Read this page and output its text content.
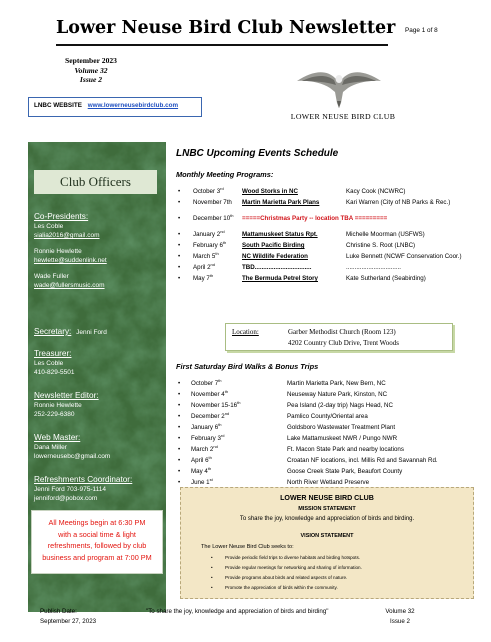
Lower Neuse Bird Club Newsletter Page 1 of 8
September 2023
Volume 32
Issue 2
LNBC WEBSITE www.lowerneusebirdclub.com
LOWER NEUSE BIRD CLUB
Club Officers
Co-Presidents:
Les Coble
sialia2016@gmail.com
Ronnie Hewlette
hewlette@suddenlink.net
Wade Fuller
wade@fullersmusic.com
Secretary: Jenni Ford
Treasurer:
Les Coble
410-829-5501
Newsletter Editor:
Ronnie Hewlette
252-229-6380
Web Master:
Dana Miller
lowerneusebc@gmail.com
Refreshments Coordinator:
Jenni Ford 703-975-1114
jenniford@pobox.com
All Meetings begin at 6:30 PM
with a social time & light
refreshments, followed by club
business and program at 7:00 PM
LNBC Upcoming Events Schedule
Monthly Meeting Programs:
• October 3rd	Wood Storks in NC	Kacy Cook (NCWRC)
• November 7th Martin Marietta Park Plans	Kari Warren (City of NB Parks & Rec.)
• December 10th =====Christmas Party -- location TBA =========
• January 2nd	Mattamuskeet Status Rpt.	Michelle Moorman (USFWS)
• February 6th	South Pacific Birding	Christine S. Root (LNBC)
• March 5th	NC Wildlife Federation	Luke Bennett (NCWF Conservation Coor.)
• April 2nd	TBD.................................	................................
• May 7th	The Bermuda Petrel Story	Kate Sutherland (Seabirding)
Location:	Garber Methodist Church (Room 123)
4202 Country Club Drive, Trent Woods
First Saturday Bird Walks & Bonus Trips
• October 7th	Martin Marietta Park, New Bern, NC
• November 4th	Neuseway Nature Park, Kinston, NC
• November 15-16th	Pea Island (2-day trip) Nags Head, NC
• December 2nd	Pamlico County/Oriental area
• January 6th	Goldsboro Wastewater Treatment Plant
• February 3rd	Lake Mattamuskeet NWR / Pungo NWR
• March 2nd	Ft. Macon State Park and nearby locations
• April 6th	Croatan NF locations, incl. Millis Rd and Savannah Rd.
• May 4th	Goose Creek State Park, Beaufort County
• June 1st	North River Wetland Preserve
LOWER NEUSE BIRD CLUB
MISSION STATEMENT
To share the joy, knowledge and appreciation of birds and birding.
VISION STATEMENT
The Lower Neuse Bird Club seeks to:
•	Provide periodic field trips to diverse habitats and birding hotspots.
•	Provide regular meetings for networking and sharing of information.
•	Provide programs about birds and related aspects of nature.
•	Promote the appreciation of birds within the community.
Publish Date:
September 27, 2023
"To share the joy, knowledge and appreciation of birds and birding"	Volume 32
Issue 2
